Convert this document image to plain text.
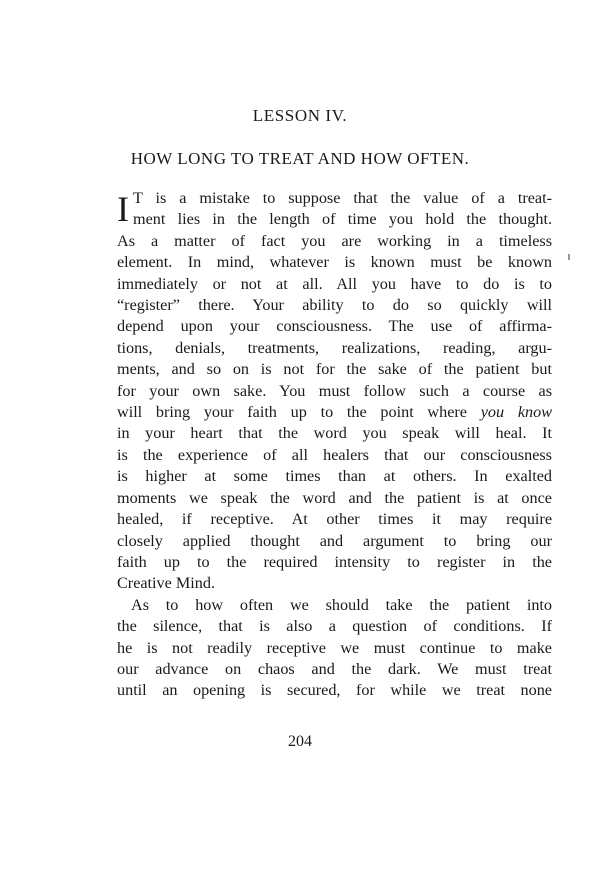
LESSON IV.
HOW LONG TO TREAT AND HOW OFTEN.

I T is a mistake to suppose that the value of a treat-
ment lies in the length of time you hold the thought.
As a matter of fact you are working in a timeless
element. In mind, whatever is known must be known
immediately or not at all. All you have to do is to
“register” there. Your ability to do so quickly will
depend upon your consciousness. The use of affirma-
tions, denials, treatments, realizations, reading, argu-
ments, and so on is not for the sake of the patient but
for your own sake. You must follow such a course as
will bring your faith up to the point where you know
in your heart that the word you speak will heal. It
is the experience of all healers that our consciousness
is higher at some times than at others. In exalted
moments we speak the word and the patient is at once
healed, if receptive. At other times it may require
closely applied thought and argument to bring our
faith up to the required intensity to register in the
Creative Mind.

As to how often we should take the patient into
the silence, that is also a question of conditions. If
he is not readily receptive we must continue to make
our advance on chaos and the dark. We must treat
until an opening is secured, for while we treat none

204
